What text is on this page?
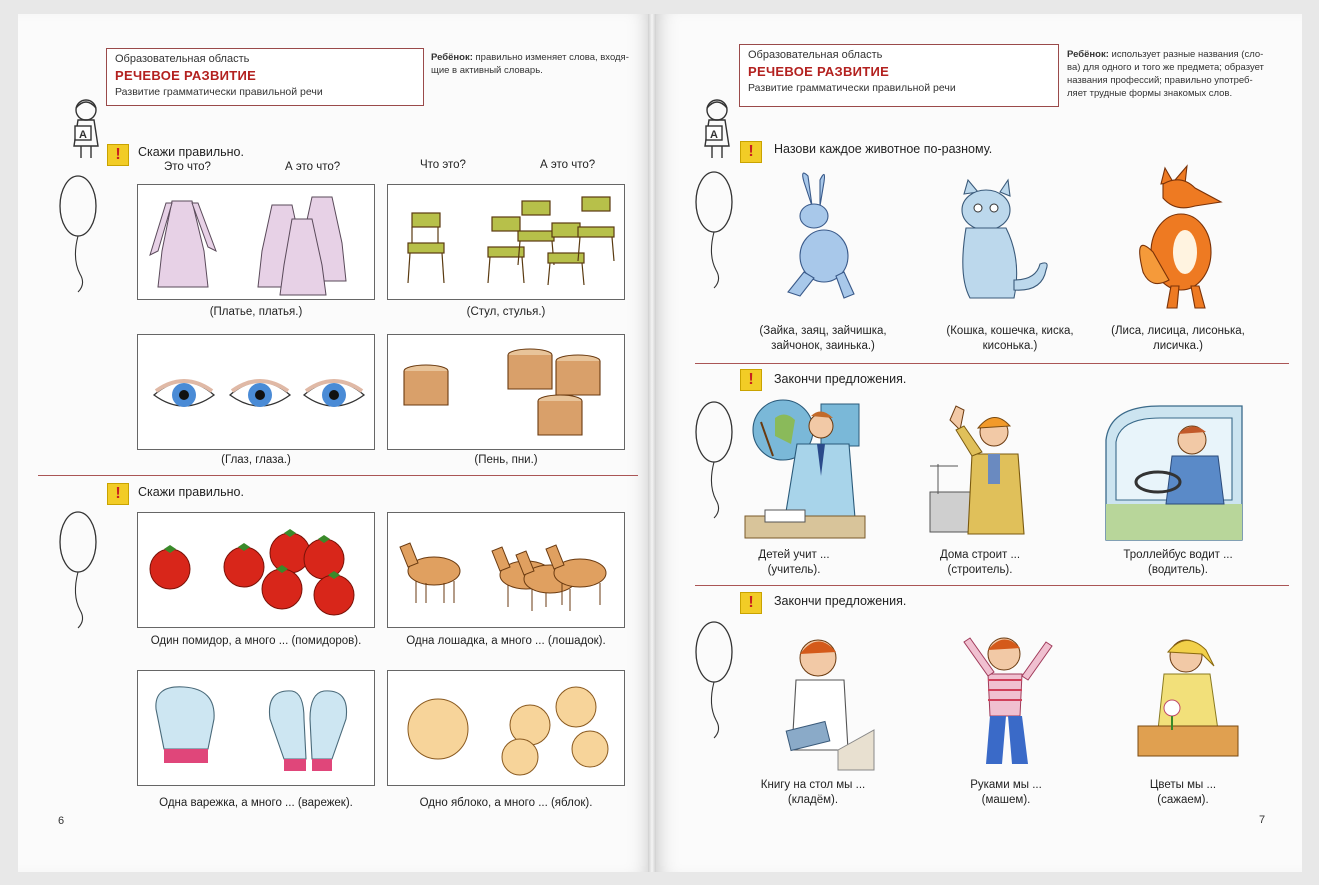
Образовательная область
РЕЧЕВОЕ РАЗВИТИЕ
Развитие грамматически правильной речи
Ребёнок: правильно изменяет слова, входя-
щие в активный словарь.
A
!	Скажи правильно.
Это что?	А это что?	Что это?	А это что?
(Платье, платья.)	(Стул, стулья.)
(Глаз, глаза.)	(Пень, пни.)
!	Скажи правильно.
Один помидор, а много ... (помидоров).	Одна лошадка, а много ... (лошадок).
Одна варежка, а много ... (варежек).	Одно яблоко, а много ... (яблок).
6
Образовательная область
РЕЧЕВОЕ РАЗВИТИЕ
Развитие грамматически правильной речи
Ребёнок: использует разные названия (сло-
ва) для одного и того же предмета; образует
названия профессий; правильно употреб-
ляет трудные формы знакомых слов.
A
!	Назови каждое животное по-разному.
(Зайка, заяц, зайчишка,
зайчонок, заинька.)
(Кошка, кошечка, киска,
кисонька.)
(Лиса, лисица, лисонька,
лисичка.)
!	Закончи предложения.
Детей учит ...
(учитель).
Дома строит ...
(строитель).
Троллейбус водит ...
(водитель).
!	Закончи предложения.
Книгу на стол мы ...
(кладём).
Руками мы ...
(машем).
Цветы мы ...
(сажаем).
7
